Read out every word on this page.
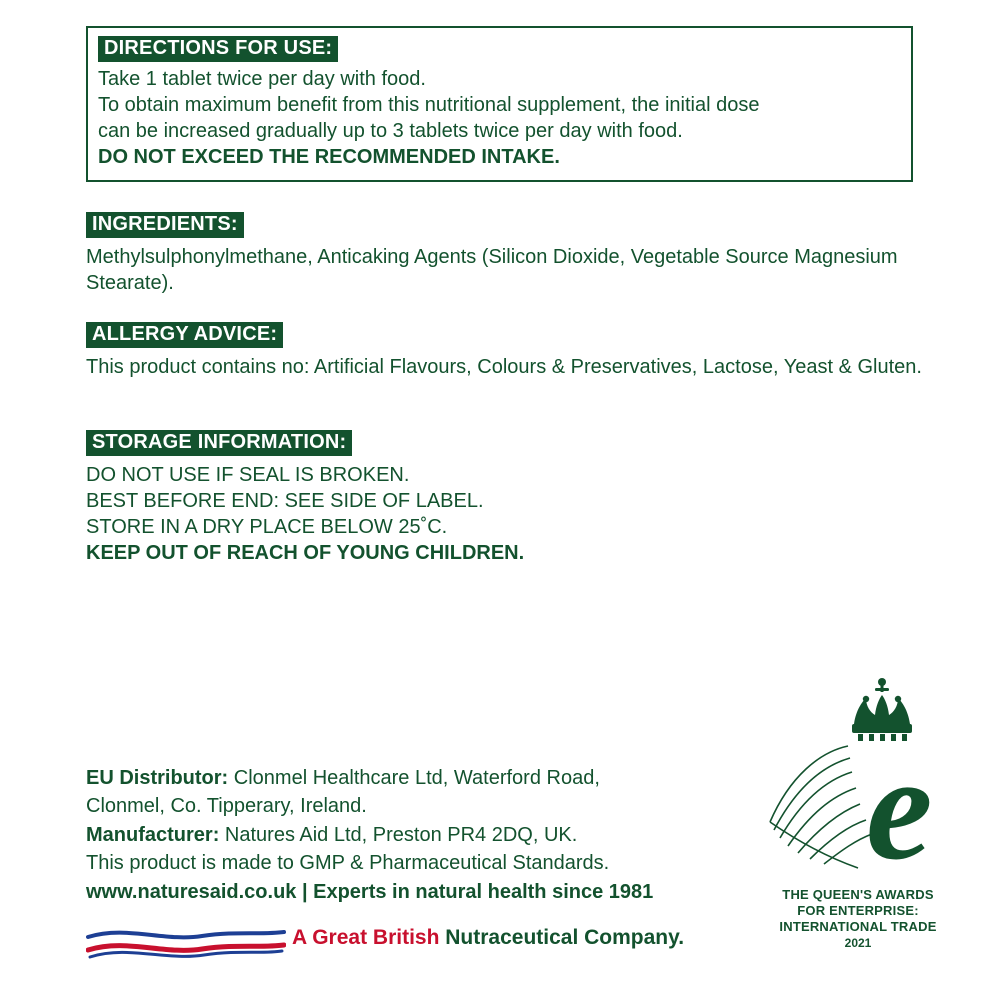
DIRECTIONS FOR USE:
Take 1 tablet twice per day with food.
To obtain maximum benefit from this nutritional supplement, the initial dose
can be increased gradually up to 3 tablets twice per day with food.
DO NOT EXCEED THE RECOMMENDED INTAKE.
INGREDIENTS:
Methylsulphonylmethane, Anticaking Agents (Silicon Dioxide, Vegetable Source Magnesium Stearate).
ALLERGY ADVICE:
This product contains no: Artificial Flavours, Colours & Preservatives, Lactose, Yeast & Gluten.
STORAGE INFORMATION:
DO NOT USE IF SEAL IS BROKEN.
BEST BEFORE END: SEE SIDE OF LABEL.
STORE IN A DRY PLACE BELOW 25˚C.
KEEP OUT OF REACH OF YOUNG CHILDREN.
EU Distributor: Clonmel Healthcare Ltd, Waterford Road,
Clonmel, Co. Tipperary, Ireland.
Manufacturer: Natures Aid Ltd, Preston PR4 2DQ, UK.
This product is made to GMP & Pharmaceutical Standards.
www.naturesaid.co.uk | Experts in natural health since 1981
A Great British Nutraceutical Company.
e
THE QUEEN'S AWARDS
FOR ENTERPRISE:
INTERNATIONAL TRADE
2021
